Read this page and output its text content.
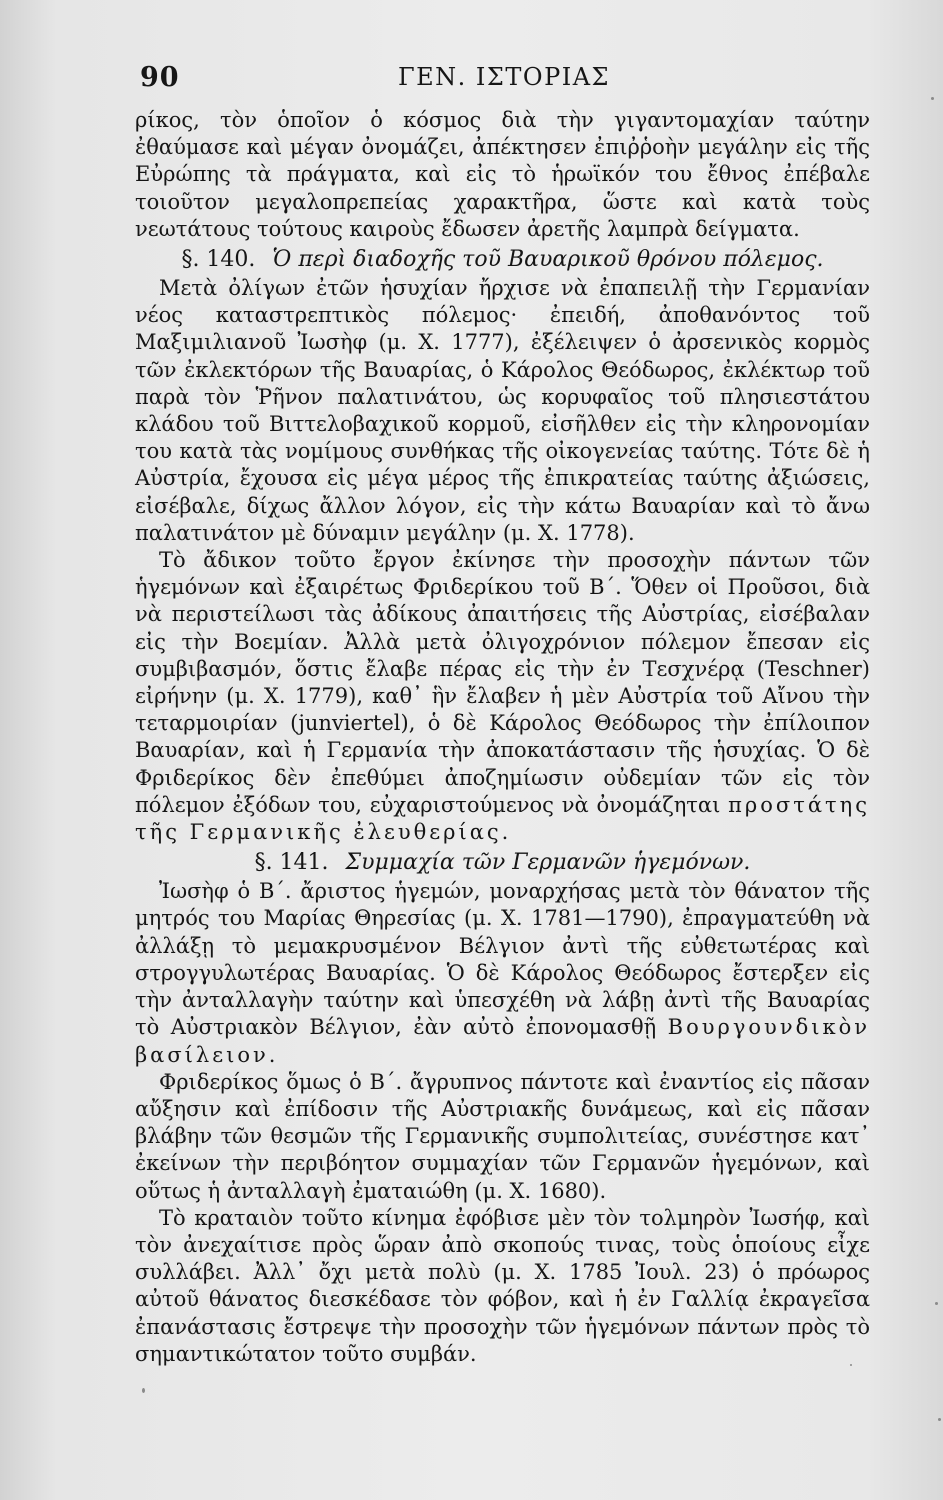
90	ΓΕΝ. ΙΣΤΟΡΙΑΣ

ρίκος, τὸν ὁποῖον ὁ κόσμος διὰ τὴν γιγαντομαχίαν ταύτην ἐθαύμασε καὶ μέγαν ὀνομάζει, ἀπέκτησεν ἐπιῤῥοὴν μεγάλην εἰς τῆς Εὐρώπης τὰ πράγματα, καὶ εἰς τὸ ἡρωϊκόν του ἔθνος ἐπέβαλε τοιοῦτον μεγαλοπρεπείας χαρακτῆρα, ὥστε καὶ κατὰ τοὺς νεωτάτους τούτους καιροὺς ἔδωσεν ἀρετῆς λαμπρὰ δείγματα.

§. 140. Ὁ περὶ διαδοχῆς τοῦ Βαυαρικοῦ θρόνου πόλεμος.

Μετὰ ὀλίγων ἐτῶν ἡσυχίαν ἤρχισε νὰ ἐπαπειλῇ τὴν Γερμανίαν νέος καταστρεπτικὸς πόλεμος· ἐπειδή, ἀποθανόντος τοῦ Μαξιμιλιανοῦ Ἰωσὴφ (μ. Χ. 1777), ἐξέλειψεν ὁ ἀρσενικὸς κορμὸς τῶν ἐκλεκτόρων τῆς Βαυαρίας, ὁ Κάρολος Θεόδωρος, ἐκλέκτωρ τοῦ παρὰ τὸν Ῥῆνον παλατινάτου, ὡς κορυφαῖος τοῦ πλησιεστάτου κλάδου τοῦ Βιττελοβαχικοῦ κορμοῦ, εἰσῆλθεν εἰς τὴν κληρονομίαν του κατὰ τὰς νομίμους συνθήκας τῆς οἰκογενείας ταύτης. Τότε δὲ ἡ Αὐστρία, ἔχουσα εἰς μέγα μέρος τῆς ἐπικρατείας ταύτης ἀξιώσεις, εἰσέβαλε, δίχως ἄλλον λόγον, εἰς τὴν κάτω Βαυαρίαν καὶ τὸ ἄνω παλατινάτον μὲ δύναμιν μεγάλην (μ. Χ. 1778).

Τὸ ἄδικον τοῦτο ἔργον ἐκίνησε τὴν προσοχὴν πάντων τῶν ἡγεμόνων καὶ ἐξαιρέτως Φριδερίκου τοῦ Β΄. Ὅθεν οἱ Προῦσοι, διὰ νὰ περιστείλωσι τὰς ἀδίκους ἀπαιτήσεις τῆς Αὐστρίας, εἰσέβαλαν εἰς τὴν Βοεμίαν. Ἀλλὰ μετὰ ὀλιγοχρόνιον πόλεμον ἔπεσαν εἰς συμβιβασμόν, ὅστις ἔλαβε πέρας εἰς τὴν ἐν Τεσχνέρᾳ (Teschner) εἰρήνην (μ. Χ. 1779), καθ᾽ ἣν ἔλαβεν ἡ μὲν Αὐστρία τοῦ Αἴνου τὴν τεταρμοιρίαν (junviertel), ὁ δὲ Κάρολος Θεόδωρος τὴν ἐπίλοιπον Βαυαρίαν, καὶ ἡ Γερμανία τὴν ἀποκατάστασιν τῆς ἡσυχίας. Ὁ δὲ Φριδερίκος δὲν ἐπεθύμει ἀποζημίωσιν οὐδεμίαν τῶν εἰς τὸν πόλεμον ἐξόδων του, εὐχαριστούμενος νὰ ὀνομάζηται προστάτης τῆς Γερμανικῆς ἐλευθερίας.

§. 141. Συμμαχία τῶν Γερμανῶν ἡγεμόνων.

Ἰωσὴφ ὁ Β΄. ἄριστος ἡγεμών, μοναρχήσας μετὰ τὸν θάνατον τῆς μητρός του Μαρίας Θηρεσίας (μ. Χ. 1781—1790), ἐπραγματεύθη νὰ ἀλλάξῃ τὸ μεμακρυσμένον Βέλγιον ἀντὶ τῆς εὐθετωτέρας καὶ στρογγυλωτέρας Βαυαρίας. Ὁ δὲ Κάρολος Θεόδωρος ἔστερξεν εἰς τὴν ἀνταλλαγὴν ταύτην καὶ ὑπεσχέθη νὰ λάβῃ ἀντὶ τῆς Βαυαρίας τὸ Αὐστριακὸν Βέλγιον, ἐὰν αὐτὸ ἐπονομασθῇ Βουργουνδικὸν βασίλειον.

Φριδερίκος ὅμως ὁ Β΄. ἄγρυπνος πάντοτε καὶ ἐναντίος εἰς πᾶσαν αὔξησιν καὶ ἐπίδοσιν τῆς Αὐστριακῆς δυνάμεως, καὶ εἰς πᾶσαν βλάβην τῶν θεσμῶν τῆς Γερμανικῆς συμπολιτείας, συνέστησε κατ᾽ ἐκείνων τὴν περιβόητον συμμαχίαν τῶν Γερμανῶν ἡγεμόνων, καὶ οὕτως ἡ ἀνταλλαγὴ ἐματαιώθη (μ. Χ. 1680).

Τὸ κραταιὸν τοῦτο κίνημα ἐφόβισε μὲν τὸν τολμηρὸν Ἰωσήφ, καὶ τὸν ἀνεχαίτισε πρὸς ὥραν ἀπὸ σκοπούς τινας, τοὺς ὁποίους εἶχε συλλάβει. Ἀλλ᾽ ὄχι μετὰ πολὺ (μ. Χ. 1785 Ἰουλ. 23) ὁ πρόωρος αὐτοῦ θάνατος διεσκέδασε τὸν φόβον, καὶ ἡ ἐν Γαλλίᾳ ἐκραγεῖσα ἐπανάστασις ἔστρεψε τὴν προσοχὴν τῶν ἡγεμόνων πάντων πρὸς τὸ σημαντικώτατον τοῦτο συμβάν.
